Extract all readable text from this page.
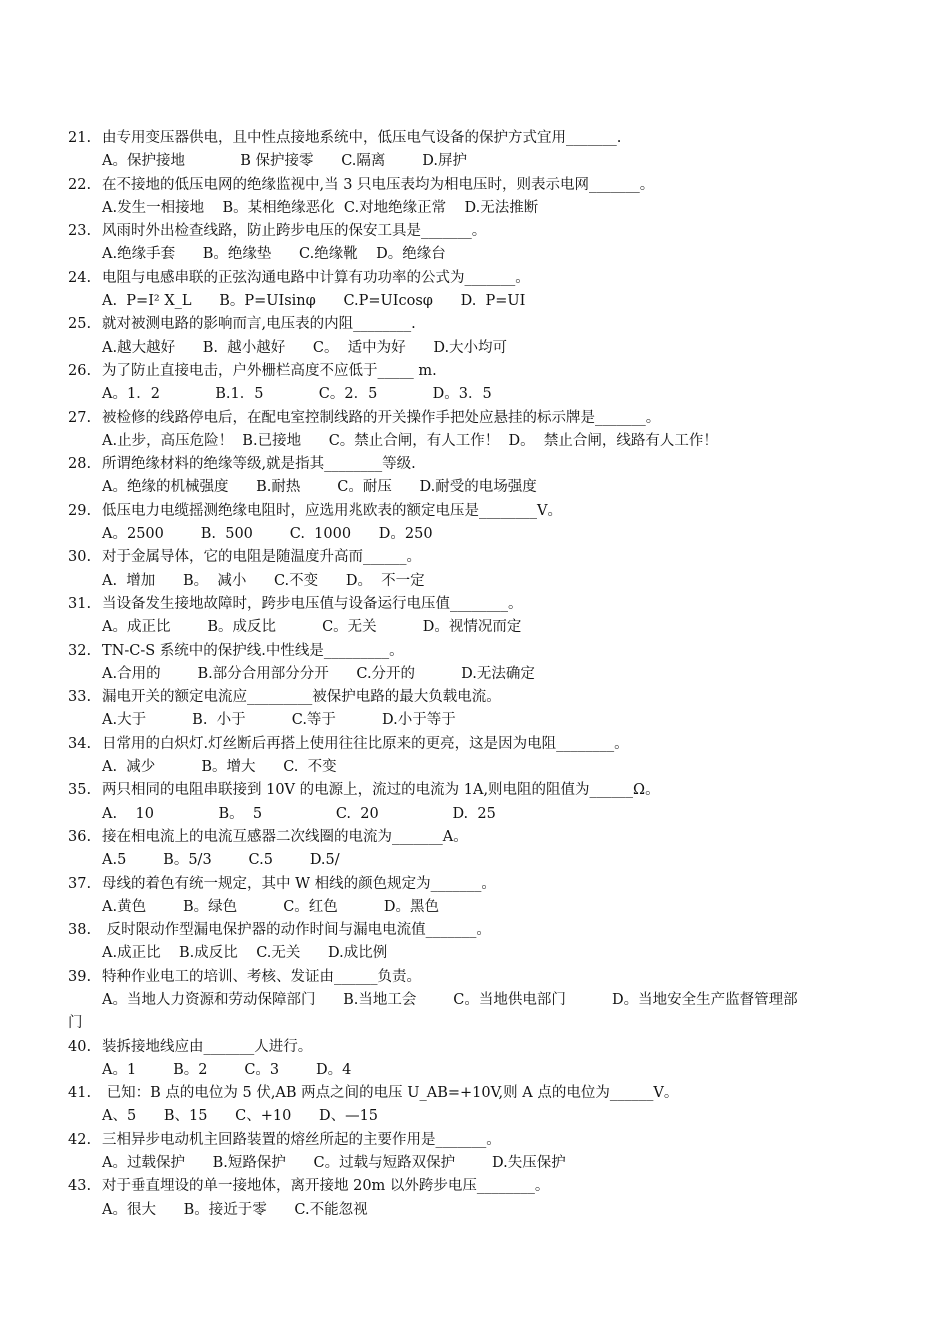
21. 由专用变压器供电，且中性点接地系统中，低压电气设备的保护方式宜用_______.
A。保护接地            B 保护接零      C.隔离        D.屏护
22. 在不接地的低压电网的绝缘监视中,当 3 只电压表均为相电压时，则表示电网_______。
A.发生一相接地    B。某相绝缘恶化  C.对地绝缘正常    D.无法推断
23. 风雨时外出检查线路，防止跨步电压的保安工具是_______。
A.绝缘手套      B。绝缘垫      C.绝缘靴    D。绝缘台
24. 电阻与电感串联的正弦沟通电路中计算有功功率的公式为_______。
A.  P=I² X_L      B。P=UIsinφ      C.P=UIcosφ      D.  P=UI
25. 就对被测电路的影响而言,电压表的内阻________.
A.越大越好      B.  越小越好      C。  适中为好      D.大小均可
26. 为了防止直接电击，户外栅栏高度不应低于_____ m.
A。1．2            B.1．5            C。2．5            D。3．5
27. 被检修的线路停电后，在配电室控制线路的开关操作手把处应悬挂的标示牌是_______。
A.止步，高压危险！  B.已接地      C。禁止合闸，有人工作！  D。  禁止合闸，线路有人工作！
28. 所谓绝缘材料的绝缘等级,就是指其________等级.
A。绝缘的机械强度      B.耐热        C。耐压      D.耐受的电场强度
29. 低压电力电缆摇测绝缘电阻时，应选用兆欧表的额定电压是________V。
A。2500        B.  500        C.  1000      D。250
30. 对于金属导体，它的电阻是随温度升高而______。
A.  增加      B。  减小      C.不变      D。  不一定
31. 当设备发生接地故障时，跨步电压值与设备运行电压值________。
A。成正比        B。成反比          C。无关          D。视情况而定
32. TN-C-S 系统中的保护线.中性线是_________。
A.合用的        B.部分合用部分分开      C.分开的          D.无法确定
33. 漏电开关的额定电流应_________被保护电路的最大负载电流。
A.大于          B.  小于          C.等于          D.小于等于
34. 日常用的白炽灯.灯丝断后再搭上使用往往比原来的更亮，这是因为电阻________。
A.  减少          B。增大      C.  不变
35. 两只相同的电阻串联接到 10V 的电源上，流过的电流为 1A,则电阻的阻值为______Ω。
A.    10              B。  5                C.  20                D.  25
36. 接在相电流上的电流互感器二次线圈的电流为_______A。
A.5        B。5/3        C.5        D.5/
37. 母线的着色有统一规定，其中 W 相线的颜色规定为_______。
A.黄色        B。绿色          C。红色          D。黑色
38. 反时限动作型漏电保护器的动作时间与漏电电流值_______。
A.成正比    B.成反比    C.无关      D.成比例
39. 特种作业电工的培训、考核、发证由______负责。
A。当地人力资源和劳动保障部门      B.当地工会        C。当地供电部门          D。当地安全生产监督管理部
门
40. 装拆接地线应由_______人进行。
A。1        B。2        C。3        D。4
41. 已知：B 点的电位为 5 伏,AB 两点之间的电压 U_AB=+10V,则 A 点的电位为______V。
A、5      B、15      C、+10      D、—15
42. 三相异步电动机主回路装置的熔丝所起的主要作用是_______。
A。过载保护      B.短路保护      C。过载与短路双保护        D.失压保护
43. 对于垂直埋设的单一接地体，离开接地 20m 以外跨步电压________。
A。很大      B。接近于零      C.不能忽视
